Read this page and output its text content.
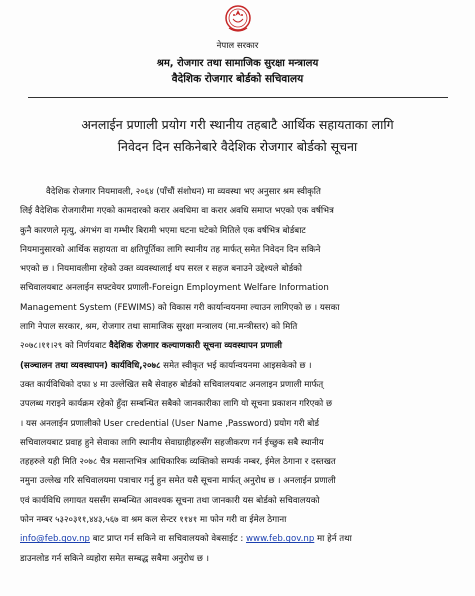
नेपाल सरकार
श्रम, रोजगार तथा सामाजिक सुरक्षा मन्त्रालय
वैदेशिक रोजगार बोर्डको सचिवालय
अनलाईन प्रणाली प्रयोग गरी स्थानीय तहबाटै आर्थिक सहायताका लागि
निवेदन दिन सकिनेबारे वैदेशिक रोजगार बोर्डको सूचना
वैदेशिक रोजगार नियमावली, २०६४ (पाँचौं संशोधन) मा व्यवस्था भए अनुसार श्रम स्वीकृति
लिई वैदेशिक रोजगारीमा गएको कामदारको करार अवधिमा वा करार अवधि समाप्त भएको एक वर्षभित्र
कुनै कारणले मृत्यु, अंगभंग वा गम्भीर बिरामी भएमा घटना घटेको मितिले एक वर्षभित्र बोर्डबाट
नियमानुसारको आर्थिक सहायता वा क्षतिपूर्तिका लागि स्थानीय तह मार्फत् समेत निवेदन दिन सकिने
भएको छ । नियमावलीमा रहेको उक्त व्यवस्थालाई थप सरल र सहज बनाउने उद्देश्यले बोर्डको
सचिवालयबाट अनलाईन सफ्टवेयर प्रणाली-Foreign Employment Welfare Information
Management System (FEWIMS) को विकास गरी कार्यान्वयनमा ल्याउन लागिएको छ । यसका
लागि नेपाल सरकार, श्रम, रोजगार तथा सामाजिक सुरक्षा मन्त्रालय (मा.मन्त्रीस्तर) को मिति
२०७८।११।२९ को निर्णयबाट वैदेशिक रोजगार कल्याणकारी सूचना व्यवस्थापन प्रणाली
(सञ्चालन तथा व्यवस्थापन) कार्यविधि,२०७८ समेत स्वीकृत भई कार्यान्वयनमा आइसकेको छ ।
उक्त कार्यविधिको दफा ४ मा उल्लेखित सबै सेवाहरु बोर्डको सचिवालयबाट अनलाइन प्रणाली मार्फत्
उपलब्ध गराइने कार्यक्रम रहेको हुँदा सम्बन्धित सबैको जानकारीका लागि यो सूचना प्रकाशन गरिएको छ
। यस अनलाईन प्रणालीको User credential (User Name ,Password) प्रयोग गरी बोर्ड
सचिवालयबाट प्रवाह हुने सेवाका लागि स्थानीय सेवाग्राहीहरुसँग सहजीकरण गर्न ईच्छुक सबै स्थानीय
तहहरुले यही मिति २०७८ चैत्र मसान्तभित्र आधिकारिक व्यक्तिको सम्पर्क नम्बर, ईमेल ठेगाना र दस्तखत
नमुना उल्लेख गरि सचिवालयमा पत्राचार गर्नु हुन समेत यसै सूचना मार्फत् अनुरोध छ । अनलाईन प्रणाली
एवं कार्यविधि लगायत यससँग सम्बन्धित आवश्यक सूचना तथा जानकारी यस बोर्डको सचिवालयको
फोन नम्बर ५३२०३११,४४३,५६७ वा श्रम कल सेन्टर ११४१ मा फोन गरी वा ईमेल ठेगाना
info@feb.gov.np बाट प्राप्त गर्न सकिने वा सचिवालयको वेबसाईट : www.feb.gov.np मा हेर्न तथा
डाउनलोड गर्न सकिने व्यहोरा समेत सम्बद्ध सबैमा अनुरोध छ ।
